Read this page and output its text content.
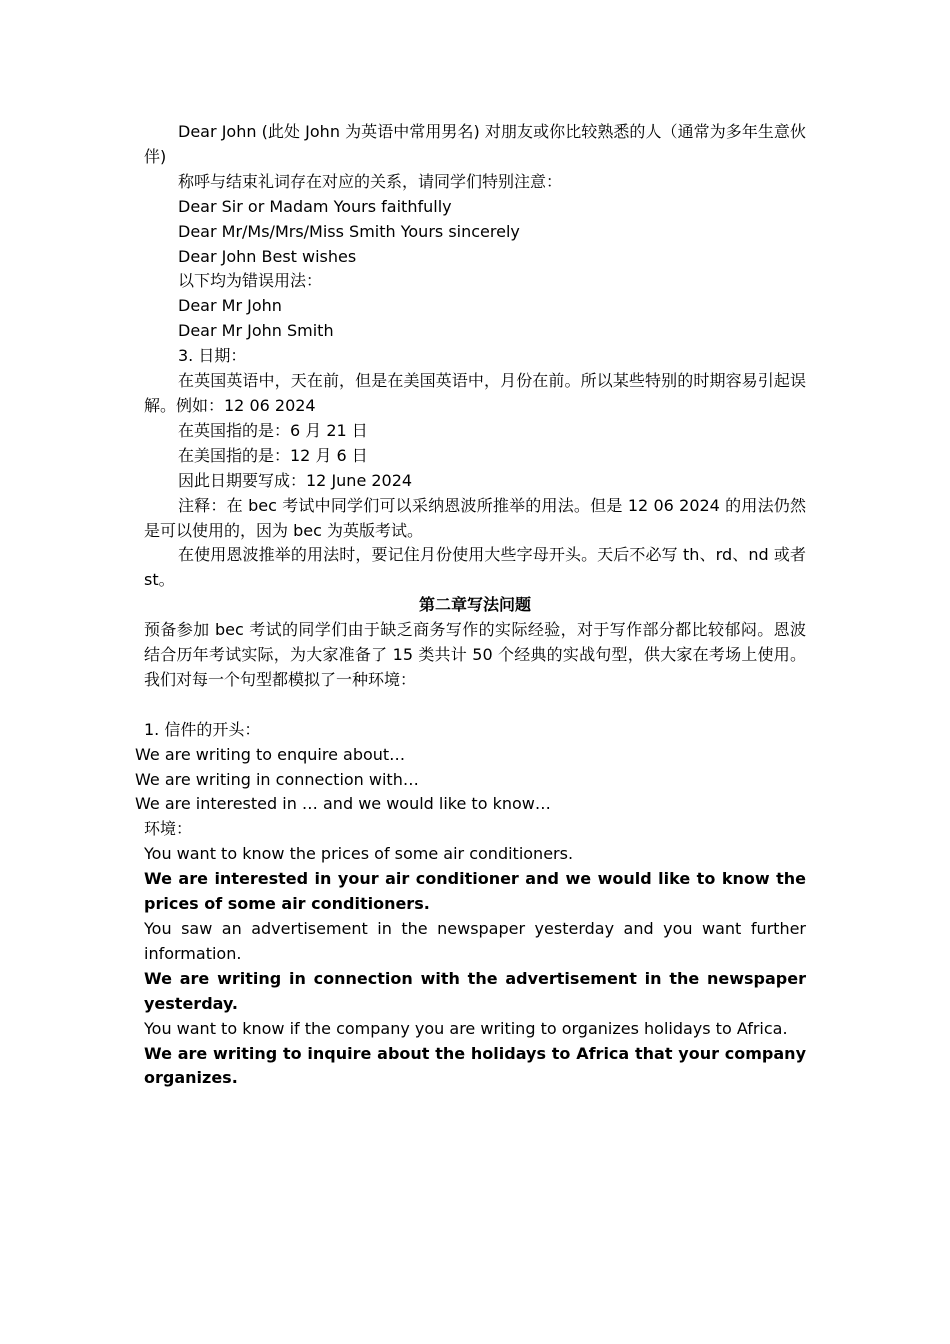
Dear John (此处 John 为英语中常用男名) 对朋友或你比较熟悉的人（通常为多年生意伙伴)

称呼与结束礼词存在对应的关系，请同学们特别注意：

Dear Sir or Madam Yours faithfully

Dear Mr/Ms/Mrs/Miss Smith Yours sincerely

Dear John Best wishes

以下均为错误用法：

Dear Mr John

Dear Mr John Smith

3. 日期：

在英国英语中，天在前，但是在美国英语中，月份在前。所以某些特别的时期容易引起误解。例如：12 06 2024

在英国指的是：6 月 21 日

在美国指的是：12 月 6 日

因此日期要写成：12 June 2024

注释：在 bec 考试中同学们可以采纳恩波所推举的用法。但是 12 06 2024 的用法仍然是可以使用的，因为 bec 为英版考试。

在使用恩波推举的用法时，要记住月份使用大些字母开头。天后不必写 th、rd、nd 或者 st。

第二章写法问题

预备参加 bec 考试的同学们由于缺乏商务写作的实际经验，对于写作部分都比较郁闷。恩波结合历年考试实际，为大家准备了 15 类共计 50 个经典的实战句型，供大家在考场上使用。我们对每一个句型都模拟了一种环境：

1. 信件的开头：

We are writing to enquire about…

We are writing in connection with…

We are interested in … and we would like to know…

环境：

You want to know the prices of some air conditioners.

We are interested in your air conditioner and we would like to know the prices of some air conditioners.

You saw an advertisement in the newspaper yesterday and you want further information.

We are writing in connection with the advertisement in the newspaper yesterday.

You want to know if the company you are writing to organizes holidays to Africa.

We are writing to inquire about the holidays to Africa that your company organizes.
